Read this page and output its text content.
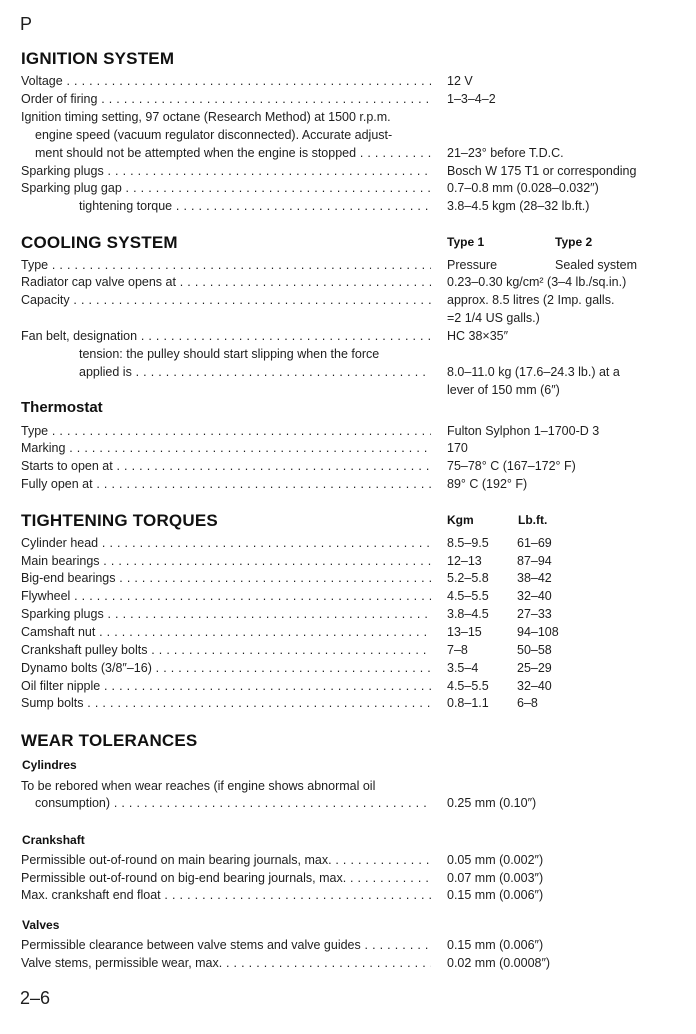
P
IGNITION SYSTEM
Voltage . . .	12 V
Order of firing . . .	1–3–4–2
Ignition timing setting, 97 octane (Research Method) at 1500 r.p.m.
engine speed (vacuum regulator disconnected). Accurate adjust-
ment should not be attempted when the engine is stopped . . .	21–23° before T.D.C.
Sparking plugs . . .	Bosch W 175 T1 or corresponding
Sparking plug gap . . .	0.7–0.8 mm (0.028–0.032″)
tightening torque . . .	3.8–4.5 kgm (28–32 lb.ft.)
COOLING SYSTEM	Type 1	Type 2
Type . . .	Pressure	Sealed system
Radiator cap valve opens at . . .	0.23–0.30 kg/cm² (3–4 lb./sq.in.)
Capacity . . .	approx. 8.5 litres (2 Imp. galls.
=2 1/4 US galls.)
Fan belt, designation . . .	HC 38×35″
tension: the pulley should start slipping when the force
applied is . . .	8.0–11.0 kg (17.6–24.3 lb.) at a
lever of 150 mm (6″)
Thermostat
Type . . .	Fulton Sylphon 1–1700-D 3
Marking . . .	170
Starts to open at . . .	75–78° C (167–172° F)
Fully open at . . .	89° C (192° F)
TIGHTENING TORQUES	Kgm	Lb.ft.
Cylinder head . . .	8.5–9.5 61–69
Main bearings . . .	12–13	87–94
Big-end bearings . . .	5.2–5.8 38–42
Flywheel . . .	4.5–5.5 32–40
Sparking plugs . . .	3.8–4.5 27–33
Camshaft nut . . .	13–15	94–108
Crankshaft pulley bolts . . .	7–8	50–58
Dynamo bolts (3/8″–16) . . .	3.5–4	25–29
Oil filter nipple . . .	4.5–5.5 32–40
Sump bolts . . .	0.8–1.1 6–8
WEAR TOLERANCES
Cylindres
To be rebored when wear reaches (if engine shows abnormal oil
consumption) . . .	0.25 mm (0.10″)
Crankshaft
Permissible out-of-round on main bearing journals, max. . . .	0.05 mm (0.002″)
Permissible out-of-round on big-end bearing journals, max. . . .	0.07 mm (0.003″)
Max. crankshaft end float . . .	0.15 mm (0.006″)
Valves
Permissible clearance between valve stems and valve guides . . .	0.15 mm (0.006″)
Valve stems, permissible wear, max. . . .	0.02 mm (0.0008″)
2–6
